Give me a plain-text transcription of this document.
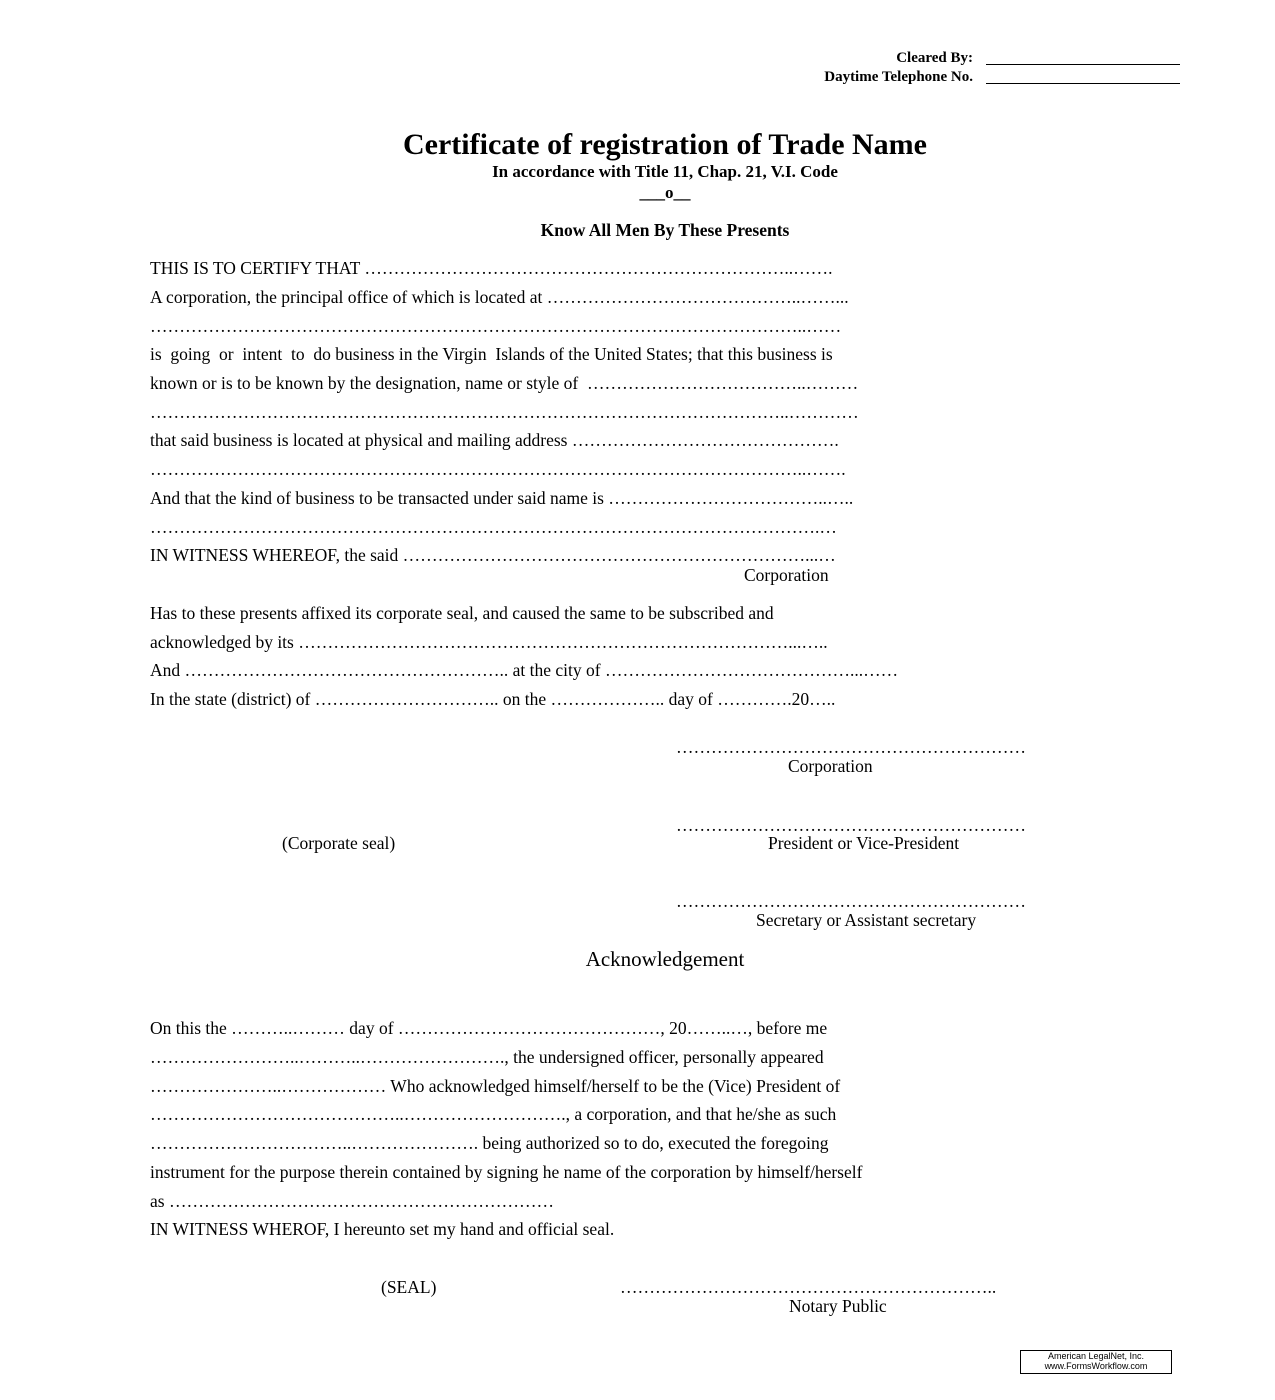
Cleared By:
Daytime Telephone No.
Certificate of registration of Trade Name
In accordance with Title 11, Chap. 21, V.I. Code
___o__
Know All Men By These Presents
THIS IS TO CERTIFY THAT ………………………………………………………………..…….
A corporation, the principal office of which is located at ……………………………………..……...
…………………………………………………………………………………………………..……
is  going  or  intent  to  do business in the Virgin  Islands of the United States; that this business is
known or is to be known by the designation, name or style of  ………………………………..………
………………………………………………………………………………………………..…………
that said business is located at physical and mailing address ……………………………………….
…………………………………………………………………………………………………..…….
And that the kind of business to be transacted under said name is ………………………………..…..
…………………………………………………………………………………………………….…
IN WITNESS WHEREOF, the said ……………………………………………………………...…
Corporation
Has to these presents affixed its corporate seal, and caused the same to be subscribed and
acknowledged by its …………………………………………………………………………...…..
And ……………………………………………….. at the city of ……………………………………...……
In the state (district) of ………………………….. on the ……………….. day of ………….20…..
……………………………………………………
Corporation
……………………………………………………
(Corporate seal)	President or Vice-President
……………………………………………………
Secretary or Assistant secretary
Acknowledgement
On this the ………..……… day of ………………………………………, 20……..…, before me
……………………..………..……………………., the undersigned officer, personally appeared
…………………..……………… Who acknowledged himself/herself to be the (Vice) President of
……………………………………..………………………., a corporation, and that he/she as such
……………………………..…………………. being authorized so to do, executed the foregoing
instrument for the purpose therein contained by signing he name of the corporation by himself/herself
as …………………………………………………………
IN WITNESS WHEROF, I hereunto set my hand and official seal.
(SEAL)	………………………………………………………..
Notary Public
American LegalNet, Inc.
www.FormsWorkflow.com
